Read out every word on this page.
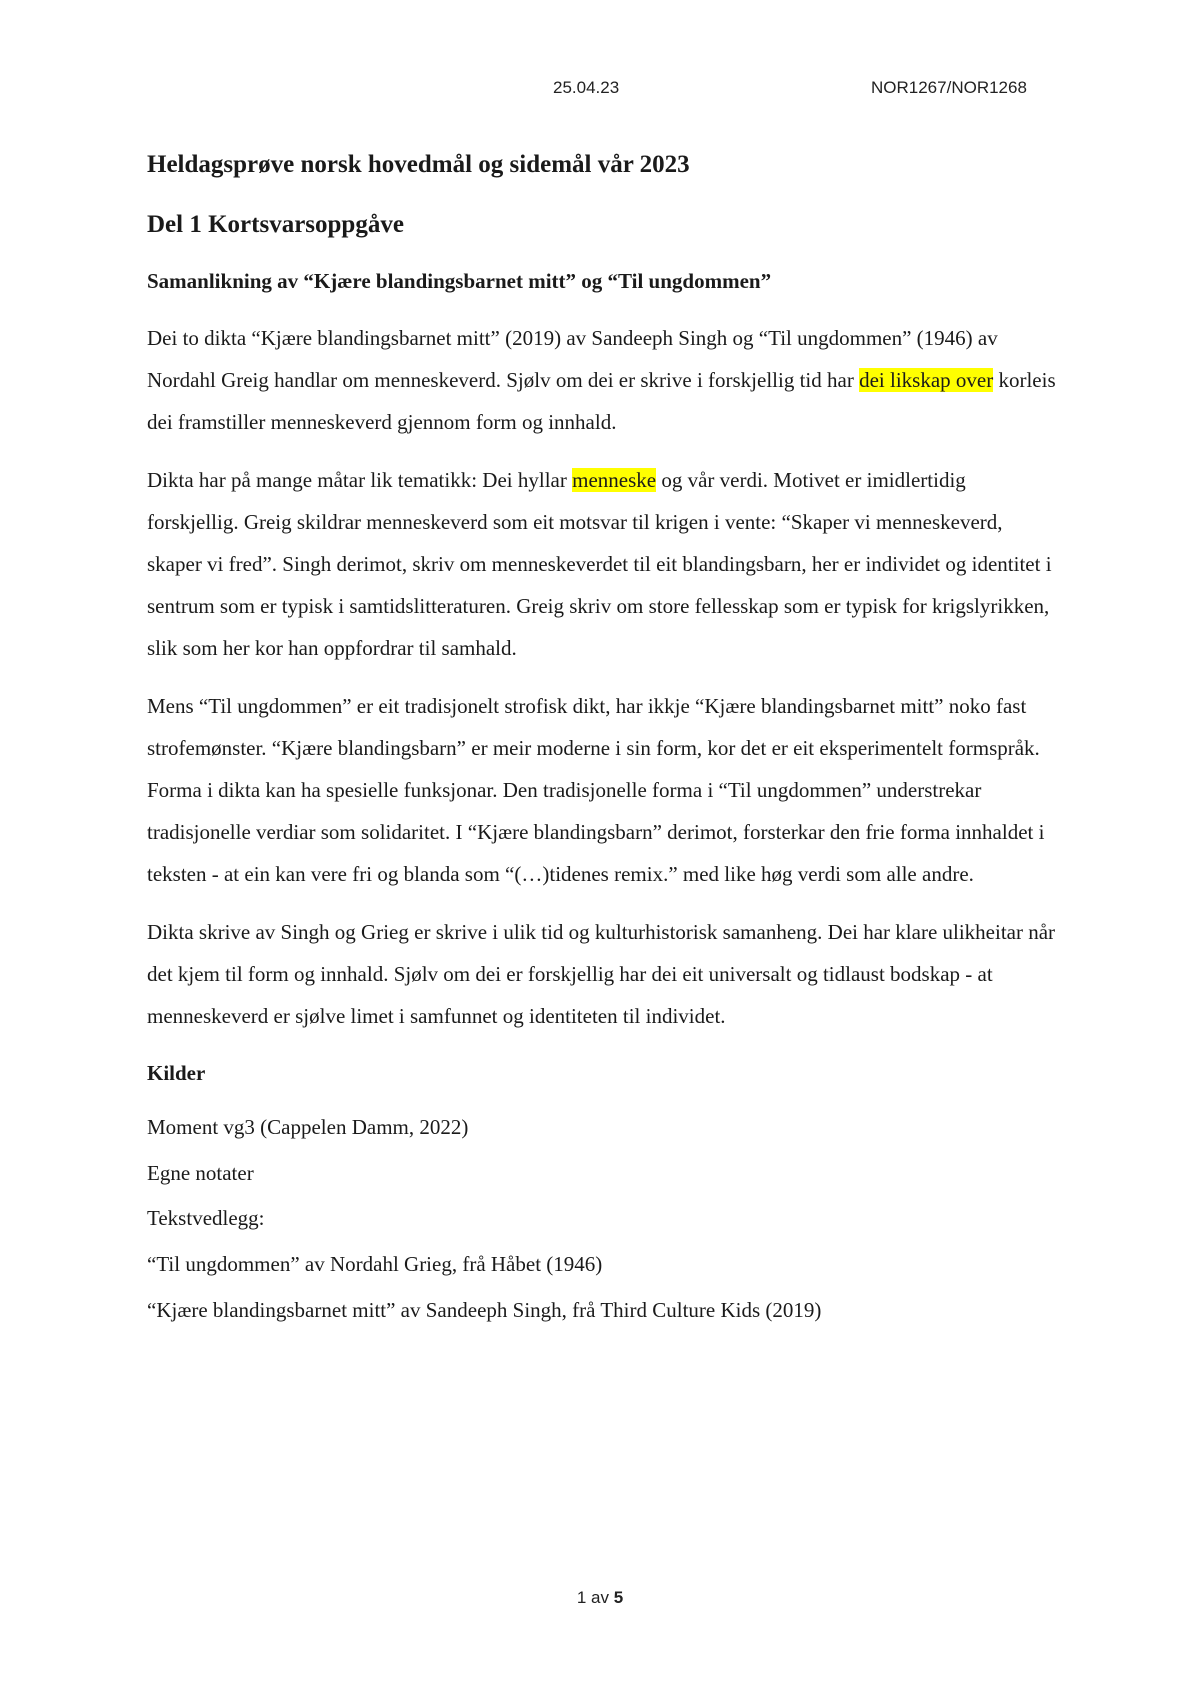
25.04.23	NOR1267/NOR1268
Heldagsprøve norsk hovedmål og sidemål vår 2023
Del 1 Kortsvarsoppgåve
Samanlikning av “Kjære blandingsbarnet mitt” og “Til ungdommen”

Dei to dikta “Kjære blandingsbarnet mitt” (2019) av Sandeeph Singh og “Til ungdommen” (1946) av Nordahl Greig handlar om menneskeverd. Sjølv om dei er skrive i forskjellig tid har dei likskap over korleis dei framstiller menneskeverd gjennom form og innhald.

Dikta har på mange måtar lik tematikk: Dei hyllar menneske og vår verdi. Motivet er imidlertidig forskjellig. Greig skildrar menneskeverd som eit motsvar til krigen i vente: “Skaper vi menneskeverd, skaper vi fred”. Singh derimot, skriv om menneskeverdet til eit blandingsbarn, her er individet og identitet i sentrum som er typisk i samtidslitteraturen. Greig skriv om store fellesskap som er typisk for krigslyrikken, slik som her kor han oppfordrar til samhald.

Mens “Til ungdommen” er eit tradisjonelt strofisk dikt, har ikkje “Kjære blandingsbarnet mitt” noko fast strofemønster. “Kjære blandingsbarn” er meir moderne i sin form, kor det er eit eksperimentelt formspråk. Forma i dikta kan ha spesielle funksjonar. Den tradisjonelle forma i “Til ungdommen” understrekar tradisjonelle verdiar som solidaritet. I “Kjære blandingsbarn” derimot, forsterkar den frie forma innhaldet i teksten - at ein kan vere fri og blanda som “(…)tidenes remix.” med like høg verdi som alle andre.

Dikta skrive av Singh og Grieg er skrive i ulik tid og kulturhistorisk samanheng. Dei har klare ulikheitar når det kjem til form og innhald. Sjølv om dei er forskjellig har dei eit universalt og tidlaust bodskap - at menneskeverd er sjølve limet i samfunnet og identiteten til individet.

Kilder
Moment vg3 (Cappelen Damm, 2022)
Egne notater
Tekstvedlegg:
“Til ungdommen” av Nordahl Grieg, frå Håbet (1946)
“Kjære blandingsbarnet mitt” av Sandeeph Singh, frå Third Culture Kids (2019)
1 av 5
